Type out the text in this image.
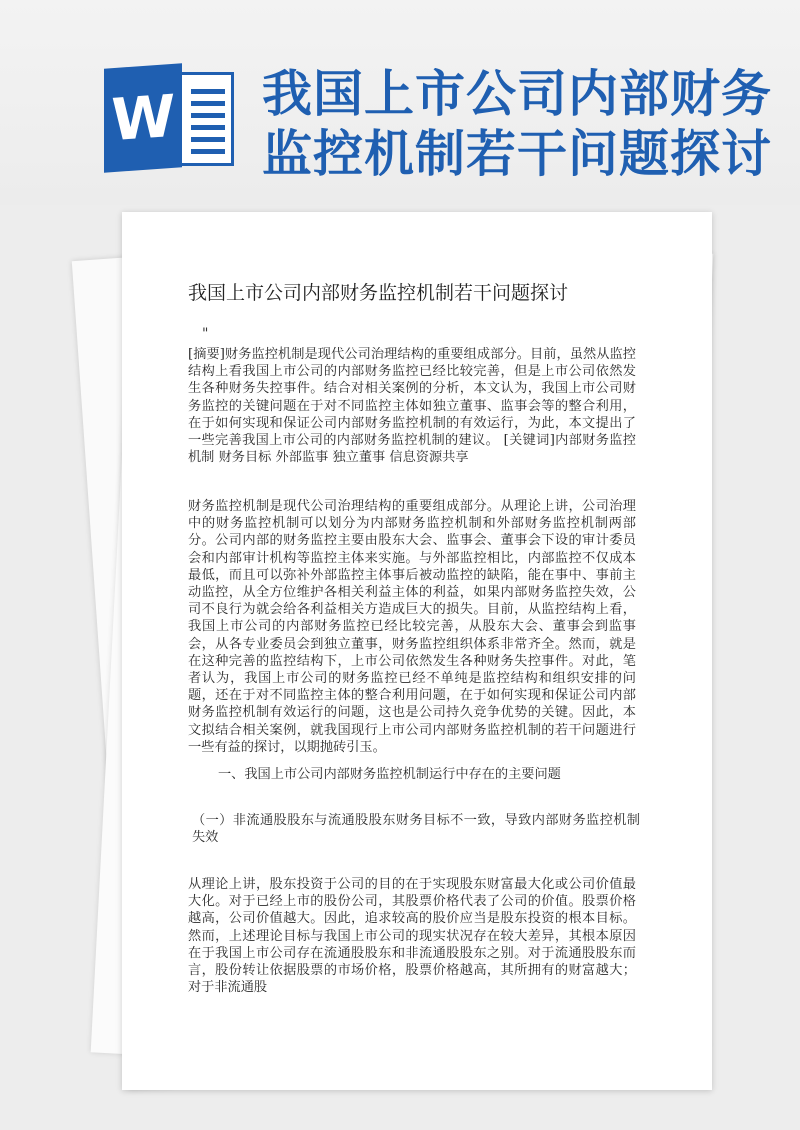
W 我国上市公司内部财务
监控机制若干问题探讨
我国上市公司内部财务监控机制若干问题探讨
"
[摘要]财务监控机制是现代公司治理结构的重要组成部分。目前，虽然从监控结构上看我国上市公司的内部财务监控已经比较完善，但是上市公司依然发生各种财务失控事件。结合对相关案例的分析，本文认为，我国上市公司财务监控的关键问题在于对不同监控主体如独立董事、监事会等的整合利用，在于如何实现和保证公司内部财务监控机制的有效运行，为此，本文提出了一些完善我国上市公司的内部财务监控机制的建议。 [关键词]内部财务监控机制 财务目标 外部监事 独立董事 信息资源共享
财务监控机制是现代公司治理结构的重要组成部分。从理论上讲，公司治理中的财务监控机制可以划分为内部财务监控机制和外部财务监控机制两部分。公司内部的财务监控主要由股东大会、监事会、董事会下设的审计委员会和内部审计机构等监控主体来实施。与外部监控相比，内部监控不仅成本最低，而且可以弥补外部监控主体事后被动监控的缺陷，能在事中、事前主动监控，从全方位维护各相关利益主体的利益，如果内部财务监控失效，公司不良行为就会给各利益相关方造成巨大的损失。目前，从监控结构上看，我国上市公司的内部财务监控已经比较完善，从股东大会、董事会到监事会，从各专业委员会到独立董事，财务监控组织体系非常齐全。然而，就是在这种完善的监控结构下，上市公司依然发生各种财务失控事件。对此，笔者认为，我国上市公司的财务监控已经不单纯是监控结构和组织安排的问题，还在于对不同监控主体的整合利用问题，在于如何实现和保证公司内部财务监控机制有效运行的问题，这也是公司持久竞争优势的关键。因此，本文拟结合相关案例，就我国现行上市公司内部财务监控机制的若干问题进行一些有益的探讨，以期抛砖引玉。
一、我国上市公司内部财务监控机制运行中存在的主要问题
（一）非流通股股东与流通股股东财务目标不一致，导致内部财务监控机制失效
从理论上讲，股东投资于公司的目的在于实现股东财富最大化或公司价值最大化。对于已经上市的股份公司，其股票价格代表了公司的价值。股票价格越高，公司价值越大。因此，追求较高的股价应当是股东投资的根本目标。然而，上述理论目标与我国上市公司的现实状况存在较大差异，其根本原因在于我国上市公司存在流通股股东和非流通股股东之别。对于流通股股东而言，股份转让依据股票的市场价格，股票价格越高，其所拥有的财富越大；对于非流通股
